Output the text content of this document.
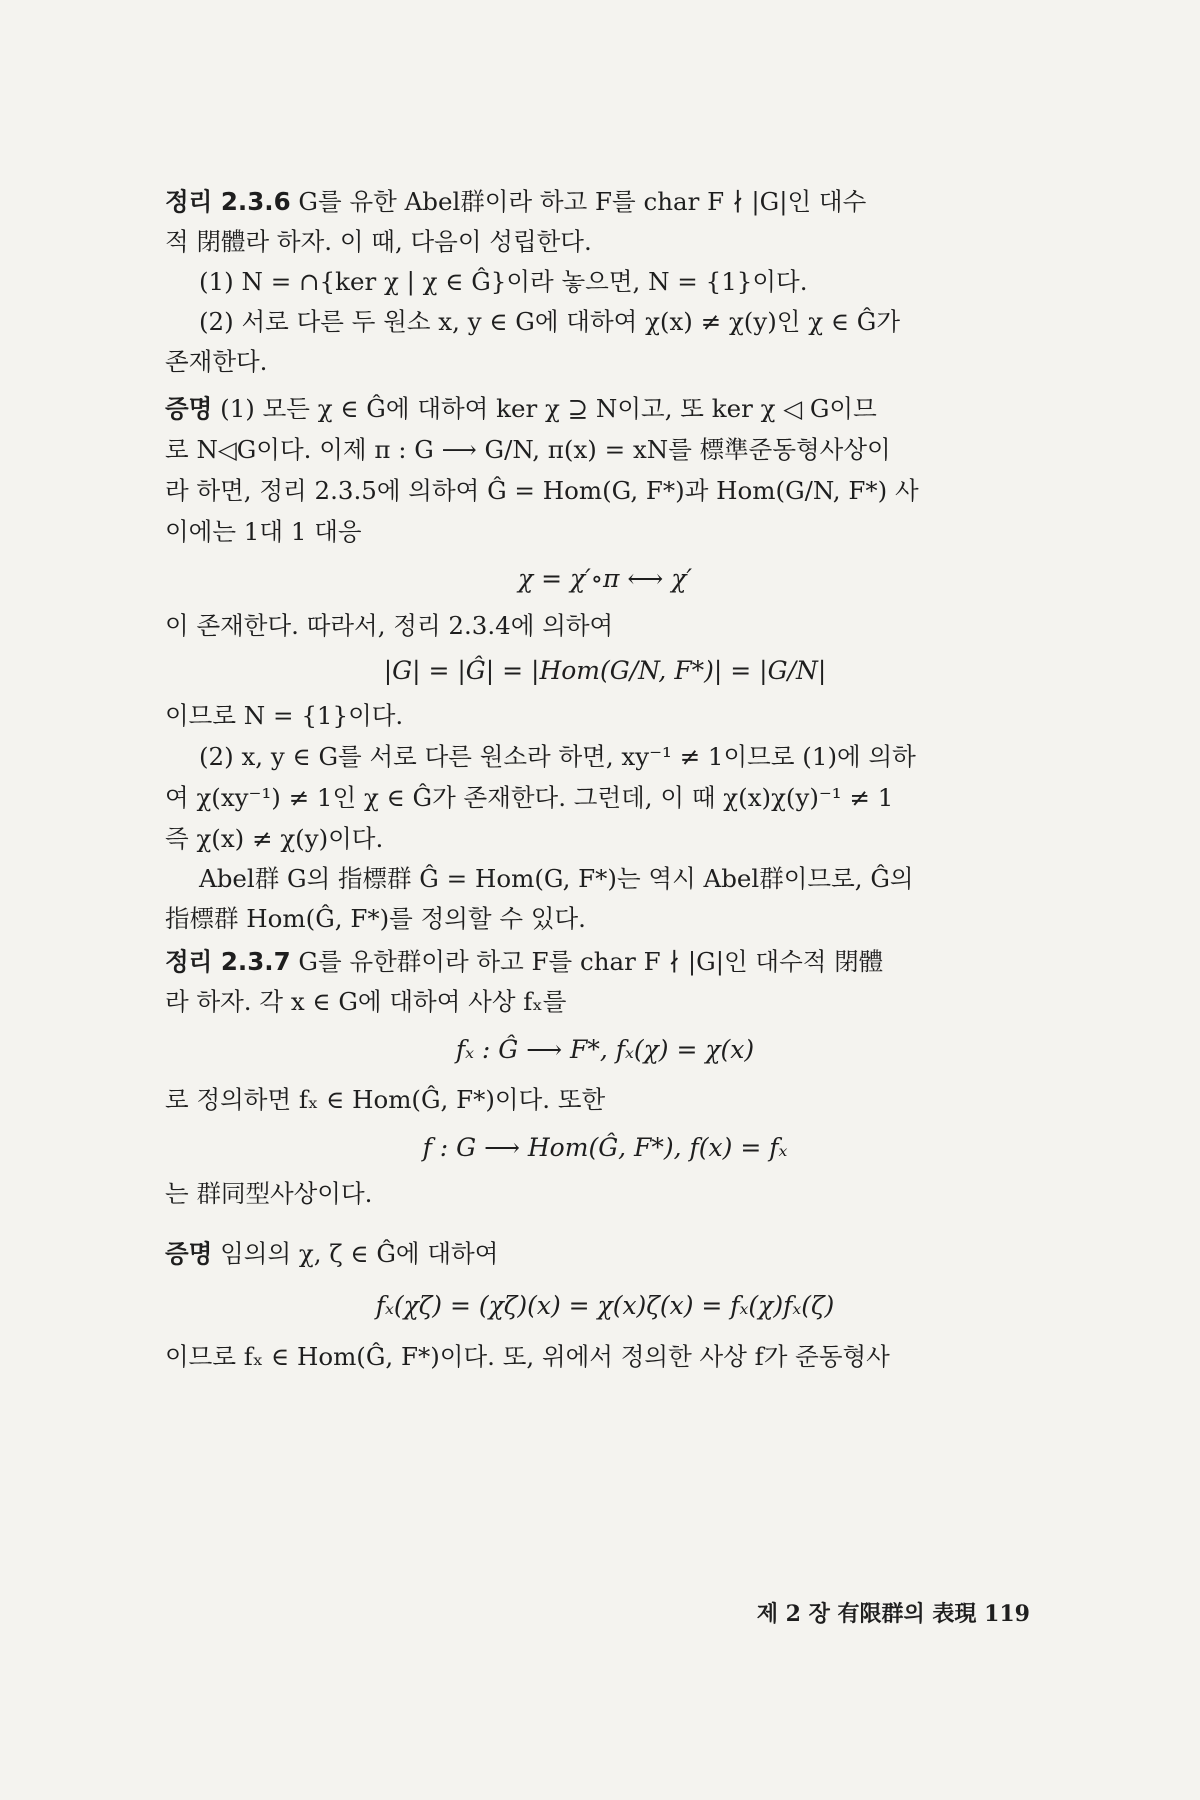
정리 2.3.6 G를 유한 Abel群이라 하고 F를 char F ∤ |G|인 대수
적 閉體라 하자. 이 때, 다음이 성립한다.
(1) N = ∩{ker χ | χ ∈ Ĝ}이라 놓으면, N = {1}이다.
(2) 서로 다른 두 원소 x, y ∈ G에 대하여 χ(x) ≠ χ(y)인 χ ∈ Ĝ가
존재한다.
증명 (1) 모든 χ ∈ Ĝ에 대하여 ker χ ⊇ N이고, 또 ker χ ◁ G이므
로 N◁G이다. 이제 π : G ⟶ G/N, π(x) = xN를 標準준동형사상이
라 하면, 정리 2.3.5에 의하여 Ĝ = Hom(G, F*)과 Hom(G/N, F*) 사
이에는 1대 1 대응
χ = χ′∘π ⟷ χ′
이 존재한다. 따라서, 정리 2.3.4에 의하여
|G| = |Ĝ| = |Hom(G/N, F*)| = |G/N|
이므로 N = {1}이다.
(2) x, y ∈ G를 서로 다른 원소라 하면, xy⁻¹ ≠ 1이므로 (1)에 의하
여 χ(xy⁻¹) ≠ 1인 χ ∈ Ĝ가 존재한다. 그런데, 이 때 χ(x)χ(y)⁻¹ ≠ 1
즉 χ(x) ≠ χ(y)이다.
Abel群 G의 指標群 Ĝ = Hom(G, F*)는 역시 Abel群이므로, Ĝ의
指標群 Hom(Ĝ, F*)를 정의할 수 있다.
정리 2.3.7 G를 유한群이라 하고 F를 char F ∤ |G|인 대수적 閉體
라 하자. 각 x ∈ G에 대하여 사상 fₓ를
fₓ : Ĝ ⟶ F*, fₓ(χ) = χ(x)
로 정의하면 fₓ ∈ Hom(Ĝ, F*)이다. 또한
f : G ⟶ Hom(Ĝ, F*), f(x) = fₓ
는 群同型사상이다.
증명 임의의 χ, ζ ∈ Ĝ에 대하여
fₓ(χζ) = (χζ)(x) = χ(x)ζ(x) = fₓ(χ)fₓ(ζ)
이므로 fₓ ∈ Hom(Ĝ, F*)이다. 또, 위에서 정의한 사상 f가 준동형사
제 2 장 有限群의 表現 119
